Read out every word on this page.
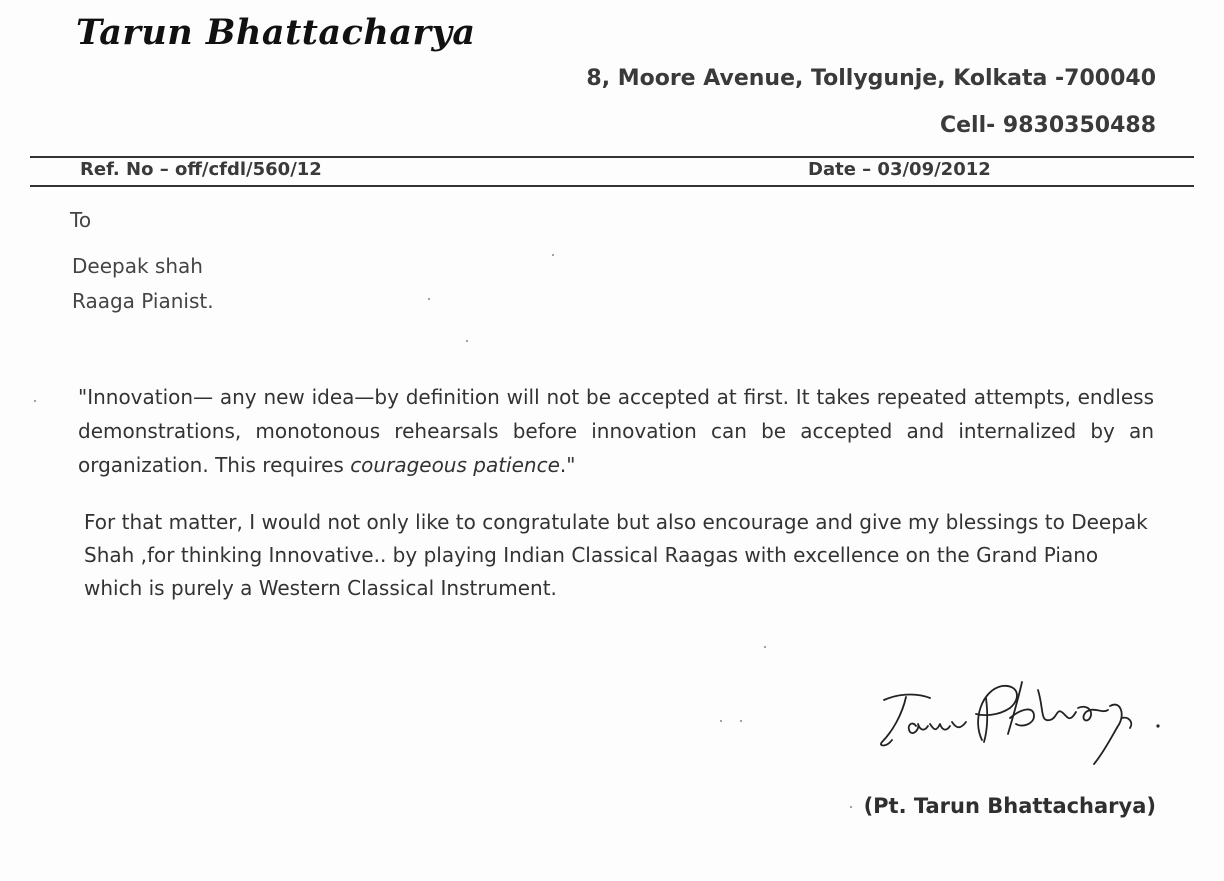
Tarun Bhattacharya
8, Moore Avenue, Tollygunje, Kolkata -700040
Cell- 9830350488
Ref. No – off/cfdl/560/12	Date – 03/09/2012
To
Deepak shah
Raaga Pianist.
"Innovation— any new idea—by definition will not be accepted at first. It takes repeated attempts, endless demonstrations, monotonous rehearsals before innovation can be accepted and internalized by an organization. This requires courageous patience."
For that matter, I would not only like to congratulate but also encourage and give my blessings to Deepak Shah ,for thinking Innovative.. by playing Indian Classical Raagas with excellence on the Grand Piano which is purely a Western Classical Instrument.
(Pt. Tarun Bhattacharya)
